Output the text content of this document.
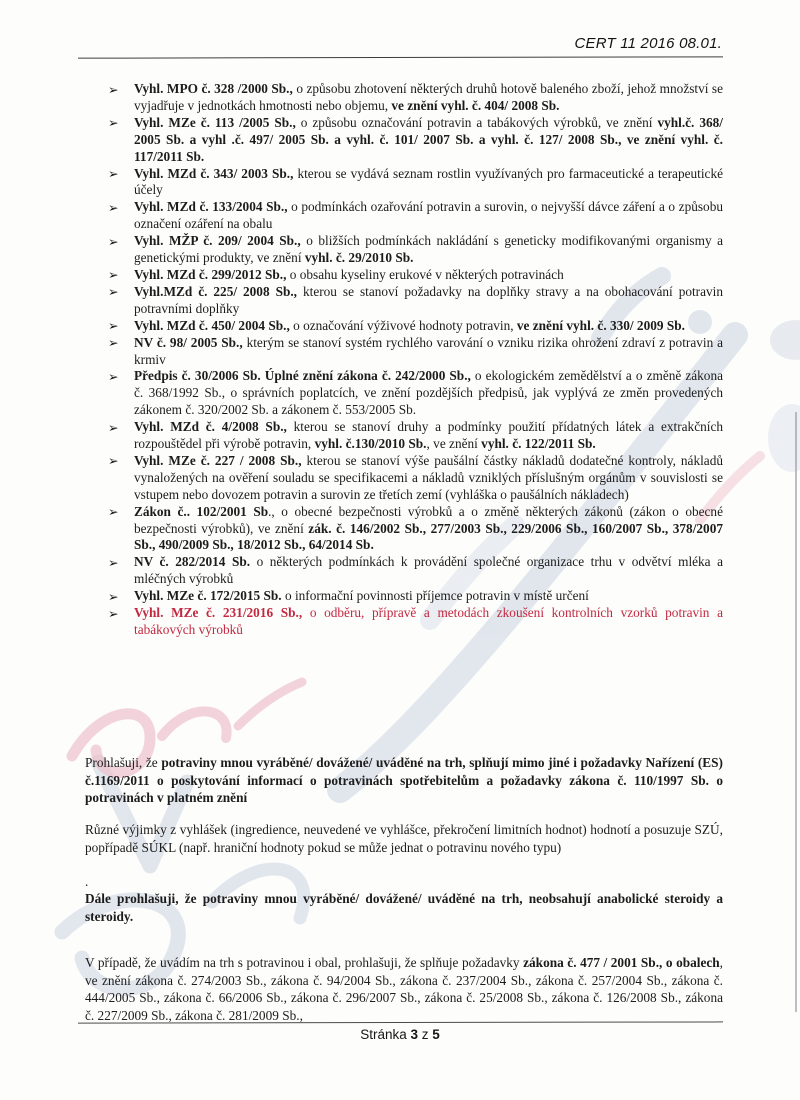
CERT 11 2016 08.01.
➢ Vyhl. MPO č. 328 /2000 Sb., o způsobu zhotovení některých druhů hotově baleného zboží, jehož množství se vyjadřuje v jednotkách hmotnosti nebo objemu, ve znění vyhl. č. 404/ 2008 Sb.
➢ Vyhl. MZe č. 113 /2005 Sb., o způsobu označování potravin a tabákových výrobků, ve znění vyhl.č. 368/ 2005 Sb. a vyhl .č. 497/ 2005 Sb. a vyhl. č. 101/ 2007 Sb. a vyhl. č. 127/ 2008 Sb., ve znění vyhl. č. 117/2011 Sb.
➢ Vyhl. MZd č. 343/ 2003 Sb., kterou se vydává seznam rostlin využívaných pro farmaceutické a terapeutické účely
➢ Vyhl. MZd č. 133/2004 Sb., o podmínkách ozařování potravin a surovin, o nejvyšší dávce záření a o způsobu označení ozáření na obalu
➢ Vyhl. MŽP č. 209/ 2004 Sb., o bližších podmínkách nakládání s geneticky modifikovanými organismy a genetickými produkty, ve znění vyhl. č. 29/2010 Sb.
➢ Vyhl. MZd č. 299/2012 Sb., o obsahu kyseliny erukové v některých potravinách
➢ Vyhl.MZd č. 225/ 2008 Sb., kterou se stanoví požadavky na doplňky stravy a na obohacování potravin potravními doplňky
➢ Vyhl. MZd č. 450/ 2004 Sb., o označování výživové hodnoty potravin, ve znění vyhl. č. 330/ 2009 Sb.
➢ NV č. 98/ 2005 Sb., kterým se stanoví systém rychlého varování o vzniku rizika ohrožení zdraví z potravin a krmiv
➢ Předpis č. 30/2006 Sb. Úplné znění zákona č. 242/2000 Sb., o ekologickém zemědělství a o změně zákona č. 368/1992 Sb., o správních poplatcích, ve znění pozdějších předpisů, jak vyplývá ze změn provedených zákonem č. 320/2002 Sb. a zákonem č. 553/2005 Sb.
➢ Vyhl. MZd č. 4/2008 Sb., kterou se stanoví druhy a podmínky použití přídatných látek a extrakčních rozpouštědel při výrobě potravin, vyhl. č.130/2010 Sb., ve znění vyhl. č. 122/2011 Sb.
➢ Vyhl. MZe č. 227 / 2008 Sb., kterou se stanoví výše paušální částky nákladů dodatečné kontroly, nákladů vynaložených na ověření souladu se specifikacemi a nákladů vzniklých příslušným orgánům v souvislosti se vstupem nebo dovozem potravin a surovin ze třetích zemí (vyhláška o paušálních nákladech)
➢ Zákon č.. 102/2001 Sb., o obecné bezpečnosti výrobků a o změně některých zákonů (zákon o obecné bezpečnosti výrobků), ve znění zák. č. 146/2002 Sb., 277/2003 Sb., 229/2006 Sb., 160/2007 Sb., 378/2007 Sb., 490/2009 Sb., 18/2012 Sb., 64/2014 Sb.
➢ NV č. 282/2014 Sb. o některých podmínkách k provádění společné organizace trhu v odvětví mléka a mléčných výrobků
➢ Vyhl. MZe č. 172/2015 Sb. o informační povinnosti příjemce potravin v místě určení
➢ Vyhl. MZe č. 231/2016 Sb., o odběru, přípravě a metodách zkoušení kontrolních vzorků potravin a tabákových výrobků

Prohlašuji, že potraviny mnou vyráběné/ dovážené/ uváděné na trh, splňují mimo jiné i požadavky Nařízení (ES) č.1169/2011 o poskytování informací o potravinách spotřebitelům a požadavky zákona č. 110/1997 Sb. o potravinách v platném znění

Různé výjimky z vyhlášek (ingredience, neuvedené ve vyhlášce, překročení limitních hodnot) hodnotí a posuzuje SZÚ, popřípadě SÚKL (např. hraniční hodnoty pokud se může jednat o potravinu nového typu)

.

Dále prohlašuji, že potraviny mnou vyráběné/ dovážené/ uváděné na trh, neobsahují anabolické steroidy a steroidy.

V případě, že uvádím na trh s potravinou i obal, prohlašuji, že splňuje požadavky zákona č. 477 / 2001 Sb., o obalech, ve znění zákona č. 274/2003 Sb., zákona č. 94/2004 Sb., zákona č. 237/2004 Sb., zákona č. 257/2004 Sb., zákona č. 444/2005 Sb., zákona č. 66/2006 Sb., zákona č. 296/2007 Sb., zákona č. 25/2008 Sb., zákona č. 126/2008 Sb., zákona č. 227/2009 Sb., zákona č. 281/2009 Sb.,

Stránka 3 z 5
